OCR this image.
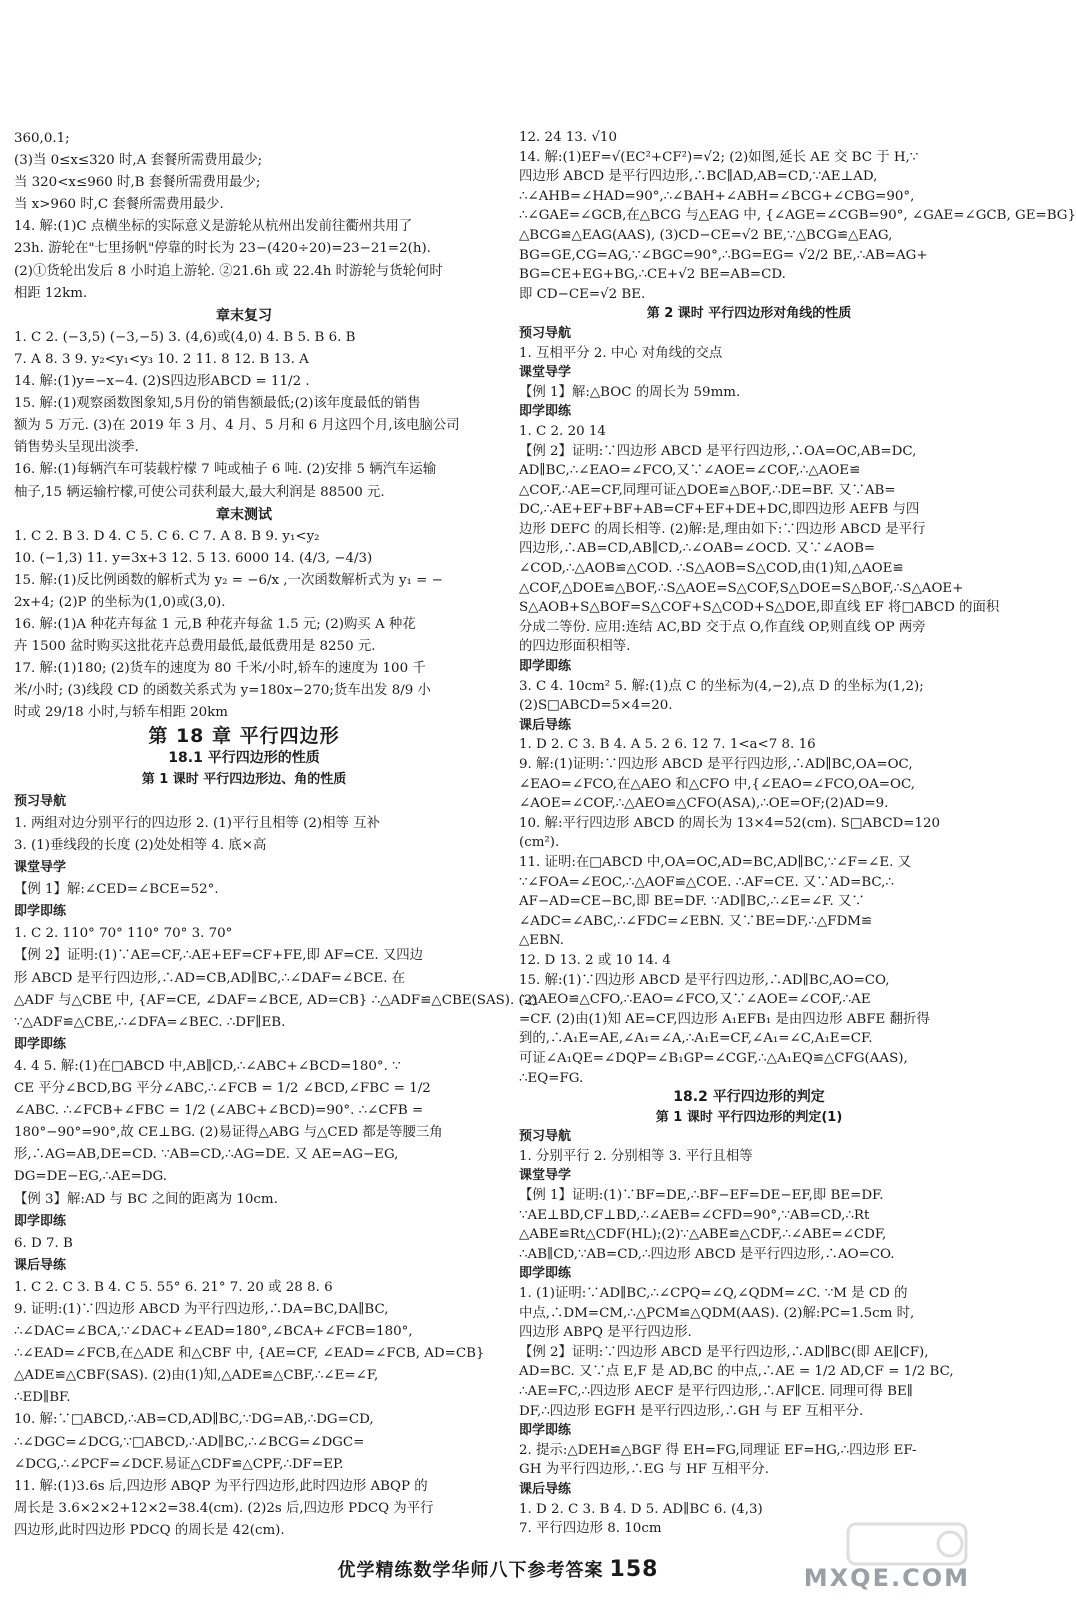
360,0.1;
(3)当 0≤x≤320 时,A 套餐所需费用最少;
当 320<x≤960 时,B 套餐所需费用最少;
当 x>960 时,C 套餐所需费用最少.
14. 解:(1)C 点横坐标的实际意义是游轮从杭州出发前往衢州共用了
23h. 游轮在"七里扬帆"停靠的时长为 23−(420÷20)=23−21=2(h).
(2)①货轮出发后 8 小时追上游轮. ②21.6h 或 22.4h 时游轮与货轮何时
相距 12km.
章末复习
1. C 2. (−3,5) (−3,−5) 3. (4,6)或(4,0) 4. B 5. B 6. B
7. A 8. 3 9. y₂<y₁<y₃ 10. 2 11. 8 12. B 13. A
14. 解:(1)y=−x−4. (2)S四边形ABCD = 11/2 .
15. 解:(1)观察函数图象知,5月份的销售额最低;(2)该年度最低的销售
额为 5 万元. (3)在 2019 年 3 月、4 月、5 月和 6 月这四个月,该电脑公司
销售势头呈现出淡季.
16. 解:(1)每辆汽车可装载柠檬 7 吨或柚子 6 吨. (2)安排 5 辆汽车运输
柚子,15 辆运输柠檬,可使公司获利最大,最大利润是 88500 元.
章末测试
1. C 2. B 3. D 4. C 5. C 6. C 7. A 8. B 9. y₁<y₂
10. (−1,3) 11. y=3x+3 12. 5 13. 6000 14. (4/3, −4/3)
15. 解:(1)反比例函数的解析式为 y₂ = −6/x ,一次函数解析式为 y₁ = −
2x+4; (2)P 的坐标为(1,0)或(3,0).
16. 解:(1)A 种花卉每盆 1 元,B 种花卉每盆 1.5 元; (2)购买 A 种花
卉 1500 盆时购买这批花卉总费用最低,最低费用是 8250 元.
17. 解:(1)180; (2)货车的速度为 80 千米/小时,轿车的速度为 100 千
米/小时; (3)线段 CD 的函数关系式为 y=180x−270;货车出发 8/9 小
时或 29/18 小时,与轿车相距 20km
第 18 章 平行四边形
18.1 平行四边形的性质
第 1 课时 平行四边形边、角的性质
预习导航
1. 两组对边分别平行的四边形 2. (1)平行且相等 (2)相等 互补
3. (1)垂线段的长度 (2)处处相等 4. 底×高
课堂导学
【例 1】解:∠CED=∠BCE=52°.
即学即练
1. C 2. 110° 70° 110° 70° 3. 70°
【例 2】证明:(1)∵AE=CF,∴AE+EF=CF+FE,即 AF=CE. 又四边
形 ABCD 是平行四边形,∴AD=CB,AD∥BC,∴∠DAF=∠BCE. 在
△ADF 与△CBE 中, {AF=CE, ∠DAF=∠BCE, AD=CB} ∴△ADF≌△CBE(SAS). (2)
∵△ADF≌△CBE,∴∠DFA=∠BEC. ∴DF∥EB.
即学即练
4. 4 5. 解:(1)在□ABCD 中,AB∥CD,∴∠ABC+∠BCD=180°. ∵
CE 平分∠BCD,BG 平分∠ABC,∴∠FCB = 1/2 ∠BCD,∠FBC = 1/2
∠ABC. ∴∠FCB+∠FBC = 1/2 (∠ABC+∠BCD)=90°. ∴∠CFB =
180°−90°=90°,故 CE⊥BG. (2)易证得△ABG 与△CED 都是等腰三角
形,∴AG=AB,DE=CD. ∵AB=CD,∴AG=DE. 又 AE=AG−EG,
DG=DE−EG,∴AE=DG.
【例 3】解:AD 与 BC 之间的距离为 10cm.
即学即练
6. D 7. B
课后导练
1. C 2. C 3. B 4. C 5. 55° 6. 21° 7. 20 或 28 8. 6
9. 证明:(1)∵四边形 ABCD 为平行四边形,∴DA=BC,DA∥BC,
∴∠DAC=∠BCA,∵∠DAC+∠EAD=180°,∠BCA+∠FCB=180°,
∴∠EAD=∠FCB,在△ADE 和△CBF 中, {AE=CF, ∠EAD=∠FCB, AD=CB}
△ADE≌△CBF(SAS). (2)由(1)知,△ADE≌△CBF,∴∠E=∠F,
∴ED∥BF.
10. 解:∵□ABCD,∴AB=CD,AD∥BC,∵DG=AB,∴DG=CD,
∴∠DGC=∠DCG,∵□ABCD,∴AD∥BC,∴∠BCG=∠DGC=
∠DCG,∴∠PCF=∠DCF.易证△CDF≌△CPF,∴DF=EP.
11. 解:(1)3.6s 后,四边形 ABQP 为平行四边形,此时四边形 ABQP 的
周长是 3.6×2×2+12×2=38.4(cm). (2)2s 后,四边形 PDCQ 为平行
四边形,此时四边形 PDCQ 的周长是 42(cm).
12. 24 13. √10
14. 解:(1)EF=√(EC²+CF²)=√2; (2)如图,延长 AE 交 BC 于 H,∵
四边形 ABCD 是平行四边形,∴BC∥AD,AB=CD,∵AE⊥AD,
∴∠AHB=∠HAD=90°,∴∠BAH+∠ABH=∠BCG+∠CBG=90°,
∴∠GAE=∠GCB,在△BCG 与△EAG 中, {∠AGE=∠CGB=90°, ∠GAE=∠GCB, GE=BG}
△BCG≌△EAG(AAS), (3)CD−CE=√2 BE,∵△BCG≌△EAG,
BG=GE,CG=AG,∵∠BGC=90°,∴BG=EG= √2/2 BE,∴AB=AG+
BG=CE+EG+BG,∴CE+√2 BE=AB=CD.
即 CD−CE=√2 BE.
第 2 课时 平行四边形对角线的性质
预习导航
1. 互相平分 2. 中心 对角线的交点
课堂导学
【例 1】解:△BOC 的周长为 59mm.
即学即练
1. C 2. 20 14
【例 2】证明:∵四边形 ABCD 是平行四边形,∴OA=OC,AB=DC,
AD∥BC,∴∠EAO=∠FCO,又∵∠AOE=∠COF,∴△AOE≌
△COF,∴AE=CF,同理可证△DOE≌△BOF,∴DE=BF. 又∵AB=
DC,∴AE+EF+BF+AB=CF+EF+DE+DC,即四边形 AEFB 与四
边形 DEFC 的周长相等. (2)解:是,理由如下:∵四边形 ABCD 是平行
四边形,∴AB=CD,AB∥CD,∴∠OAB=∠OCD. 又∵∠AOB=
∠COD,∴△AOB≌△COD. ∴S△AOB=S△COD,由(1)知,△AOE≌
△COF,△DOE≌△BOF,∴S△AOE=S△COF,S△DOE=S△BOF,∴S△AOE+
S△AOB+S△BOF=S△COF+S△COD+S△DOE,即直线 EF 将□ABCD 的面积
分成二等份. 应用:连结 AC,BD 交于点 O,作直线 OP,则直线 OP 两旁
的四边形面积相等.
即学即练
3. C 4. 10cm² 5. 解:(1)点 C 的坐标为(4,−2),点 D 的坐标为(1,2);
(2)S□ABCD=5×4=20.
课后导练
1. D 2. C 3. B 4. A 5. 2 6. 12 7. 1<a<7 8. 16
9. 解:(1)证明:∵四边形 ABCD 是平行四边形,∴AD∥BC,OA=OC,
∠EAO=∠FCO,在△AEO 和△CFO 中,{∠EAO=∠FCO,OA=OC,
∠AOE=∠COF,∴△AEO≌△CFO(ASA),∴OE=OF;(2)AD=9.
10. 解:平行四边形 ABCD 的周长为 13×4=52(cm). S□ABCD=120
(cm²).
11. 证明:在□ABCD 中,OA=OC,AD=BC,AD∥BC,∵∠F=∠E. 又
∵∠FOA=∠EOC,∴△AOF≌△COE. ∴AF=CE. 又∵AD=BC,∴
AF−AD=CE−BC,即 BE=DF. ∵AD∥BC,∴∠E=∠F. 又∵
∠ADC=∠ABC,∴∠FDC=∠EBN. 又∵BE=DF,∴△FDM≌
△EBN.
12. D 13. 2 或 10 14. 4
15. 解:(1)∵四边形 ABCD 是平行四边形,∴AD∥BC,AO=CO,
∴△AEO≌△CFO,∴EAO=∠FCO,又∵∠AOE=∠COF,∴AE
=CF. (2)由(1)知 AE=CF,四边形 A₁EFB₁ 是由四边形 ABFE 翻折得
到的,∴A₁E=AE,∠A₁=∠A,∴A₁E=CF,∠A₁=∠C,A₁E=CF.
可证∠A₁QE=∠DQP=∠B₁GP=∠CGF,∴△A₁EQ≌△CFG(AAS),
∴EQ=FG.
18.2 平行四边形的判定
第 1 课时 平行四边形的判定(1)
预习导航
1. 分别平行 2. 分别相等 3. 平行且相等
课堂导学
【例 1】证明:(1)∵BF=DE,∴BF−EF=DE−EF,即 BE=DF.
∵AE⊥BD,CF⊥BD,∴∠AEB=∠CFD=90°,∵AB=CD,∴Rt
△ABE≌Rt△CDF(HL);(2)∵△ABE≌△CDF,∴∠ABE=∠CDF,
∴AB∥CD,∵AB=CD,∴四边形 ABCD 是平行四边形,∴AO=CO.
即学即练
1. (1)证明:∵AD∥BC,∴∠CPQ=∠Q,∠QDM=∠C. ∵M 是 CD 的
中点,∴DM=CM,∴△PCM≌△QDM(AAS). (2)解:PC=1.5cm 时,
四边形 ABPQ 是平行四边形.
【例 2】证明:∵四边形 ABCD 是平行四边形,∴AD∥BC(即 AE∥CF),
AD=BC. 又∵点 E,F 是 AD,BC 的中点,∴AE = 1/2 AD,CF = 1/2 BC,
∴AE=FC,∴四边形 AECF 是平行四边形,∴AF∥CE. 同理可得 BE∥
DF,∴四边形 EGFH 是平行四边形,∴GH 与 EF 互相平分.
即学即练
2. 提示:△DEH≌△BGF 得 EH=FG,同理证 EF=HG,∴四边形 EF-
GH 为平行四边形,∴EG 与 HF 互相平分.
课后导练
1. D 2. C 3. B 4. D 5. AD∥BC 6. (4,3)
7. 平行四边形 8. 10cm
优学精练数学华师八下参考答案 158	MXQE.COM
